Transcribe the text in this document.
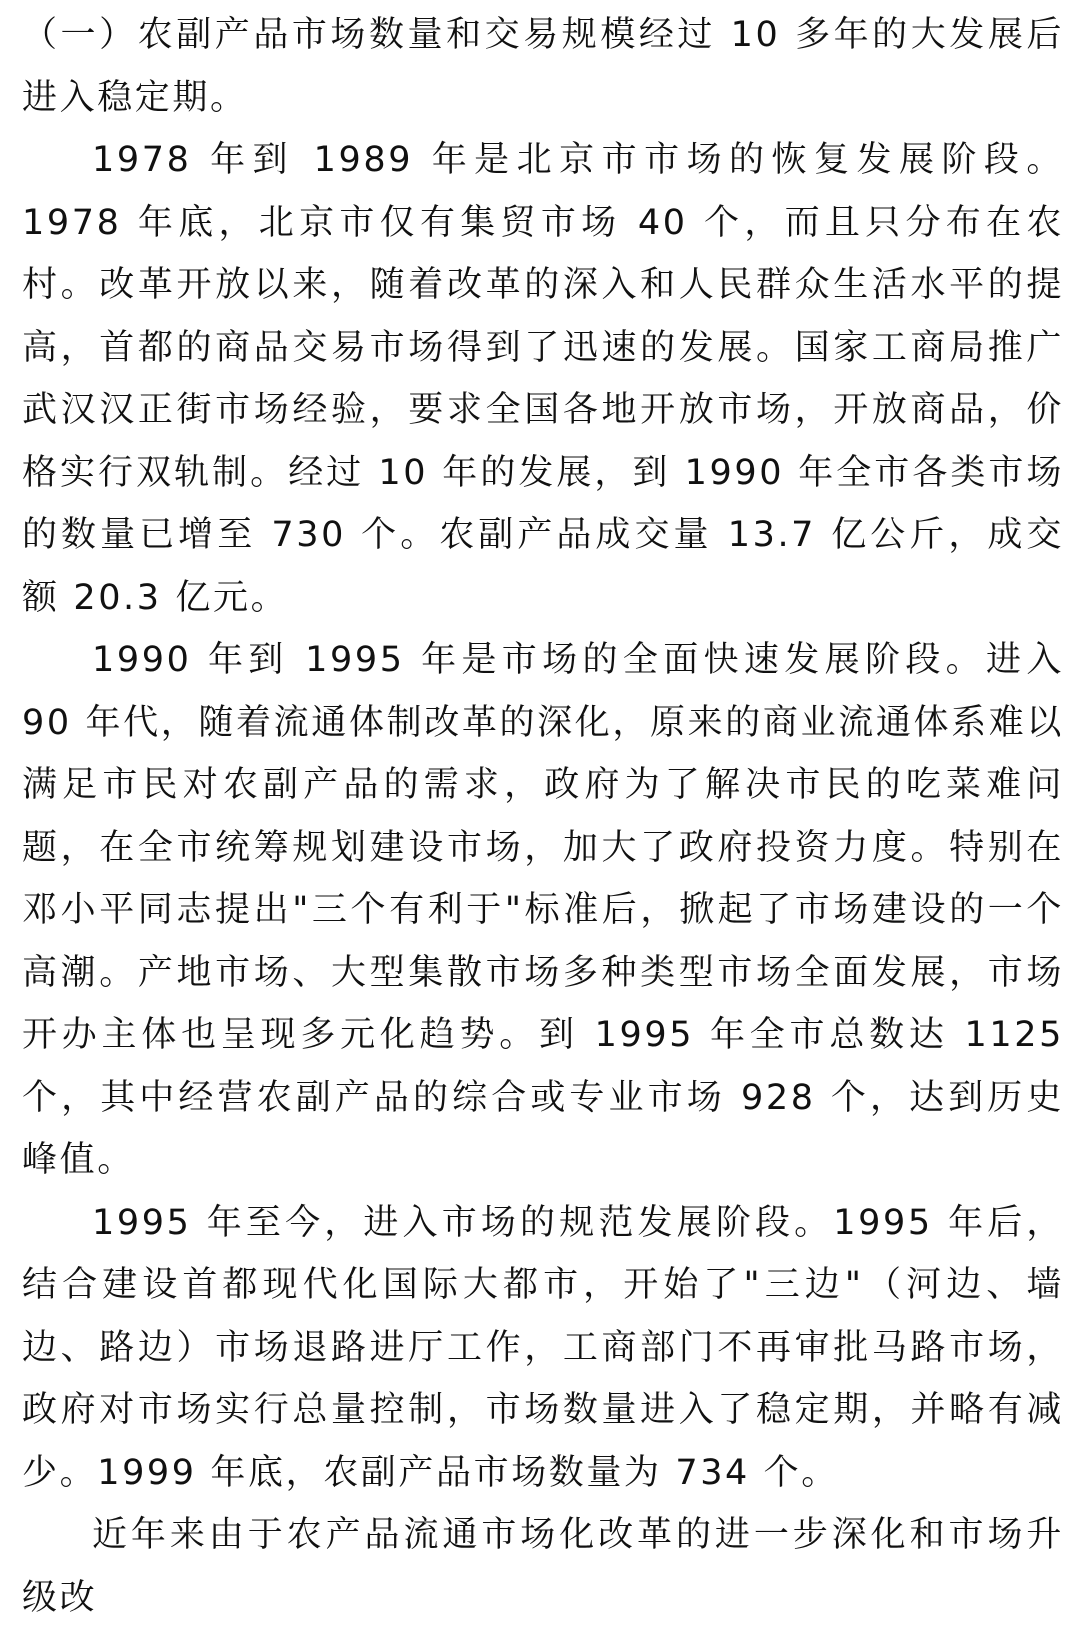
（一）农副产品市场数量和交易规模经过 10 多年的大发展后进入稳定期。

1978 年到 1989 年是北京市市场的恢复发展阶段。1978 年底，北京市仅有集贸市场 40 个，而且只分布在农村。改革开放以来，随着改革的深入和人民群众生活水平的提高，首都的商品交易市场得到了迅速的发展。国家工商局推广武汉汉正街市场经验，要求全国各地开放市场，开放商品，价格实行双轨制。经过 10 年的发展，到 1990 年全市各类市场的数量已增至 730 个。农副产品成交量 13.7 亿公斤，成交额 20.3 亿元。

1990 年到 1995 年是市场的全面快速发展阶段。进入 90 年代，随着流通体制改革的深化，原来的商业流通体系难以满足市民对农副产品的需求，政府为了解决市民的吃菜难问题，在全市统筹规划建设市场，加大了政府投资力度。特别在邓小平同志提出"三个有利于"标准后，掀起了市场建设的一个高潮。产地市场、大型集散市场多种类型市场全面发展，市场开办主体也呈现多元化趋势。到 1995 年全市总数达 1125 个，其中经营农副产品的综合或专业市场 928 个，达到历史峰值。

1995 年至今，进入市场的规范发展阶段。1995 年后，结合建设首都现代化国际大都市，开始了"三边"（河边、墙边、路边）市场退路进厅工作，工商部门不再审批马路市场，政府对市场实行总量控制，市场数量进入了稳定期，并略有减少。1999 年底，农副产品市场数量为 734 个。

近年来由于农产品流通市场化改革的进一步深化和市场升级改
